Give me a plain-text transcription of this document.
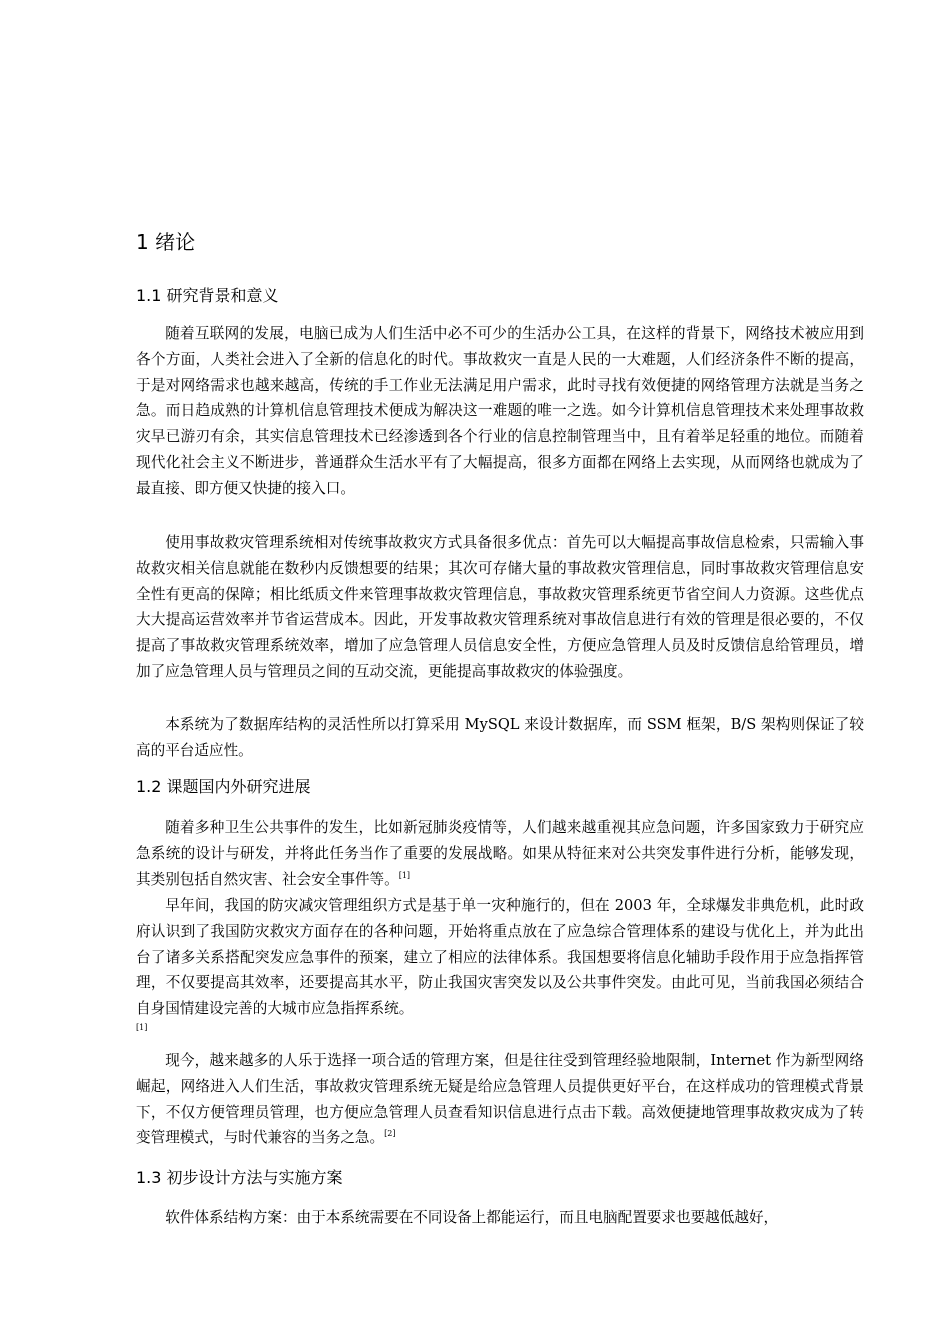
1 绪论
1.1 研究背景和意义

随着互联网的发展，电脑已成为人们生活中必不可少的生活办公工具，在这样的背景下，网络技术被应用到各个方面，人类社会进入了全新的信息化的时代。事故救灾一直是人民的一大难题，人们经济条件不断的提高，于是对网络需求也越来越高，传统的手工作业无法满足用户需求，此时寻找有效便捷的网络管理方法就是当务之急。而日趋成熟的计算机信息管理技术便成为解决这一难题的唯一之选。如今计算机信息管理技术来处理事故救灾早已游刃有余，其实信息管理技术已经渗透到各个行业的信息控制管理当中，且有着举足轻重的地位。而随着现代化社会主义不断进步，普通群众生活水平有了大幅提高，很多方面都在网络上去实现，从而网络也就成为了最直接、即方便又快捷的接入口。

使用事故救灾管理系统相对传统事故救灾方式具备很多优点：首先可以大幅提高事故信息检索，只需输入事故救灾相关信息就能在数秒内反馈想要的结果；其次可存储大量的事故救灾管理信息，同时事故救灾管理信息安全性有更高的保障；相比纸质文件来管理事故救灾管理信息，事故救灾管理系统更节省空间人力资源。这些优点大大提高运营效率并节省运营成本。因此，开发事故救灾管理系统对事故信息进行有效的管理是很必要的，不仅提高了事故救灾管理系统效率，增加了应急管理人员信息安全性，方便应急管理人员及时反馈信息给管理员，增加了应急管理人员与管理员之间的互动交流，更能提高事故救灾的体验强度。

本系统为了数据库结构的灵活性所以打算采用 MySQL 来设计数据库，而 SSM 框架，B/S 架构则保证了较高的平台适应性。

1.2 课题国内外研究进展

随着多种卫生公共事件的发生，比如新冠肺炎疫情等，人们越来越重视其应急问题，许多国家致力于研究应急系统的设计与研发，并将此任务当作了重要的发展战略。如果从特征来对公共突发事件进行分析，能够发现，其类别包括自然灾害、社会安全事件等。[1]

早年间，我国的防灾减灾管理组织方式是基于单一灾种施行的，但在 2003 年，全球爆发非典危机，此时政府认识到了我国防灾救灾方面存在的各种问题，开始将重点放在了应急综合管理体系的建设与优化上，并为此出台了诸多关系搭配突发应急事件的预案，建立了相应的法律体系。我国想要将信息化辅助手段作用于应急指挥管理，不仅要提高其效率，还要提高其水平，防止我国灾害突发以及公共事件突发。由此可见，当前我国必须结合自身国情建设完善的大城市应急指挥系统。

[1]

现今，越来越多的人乐于选择一项合适的管理方案，但是往往受到管理经验地限制，Internet 作为新型网络崛起，网络进入人们生活，事故救灾管理系统无疑是给应急管理人员提供更好平台，在这样成功的管理模式背景下，不仅方便管理员管理，也方便应急管理人员查看知识信息进行点击下载。高效便捷地管理事故救灾成为了转变管理模式，与时代兼容的当务之急。[2]

1.3 初步设计方法与实施方案

软件体系结构方案：由于本系统需要在不同设备上都能运行，而且电脑配置要求也要越低越好，
